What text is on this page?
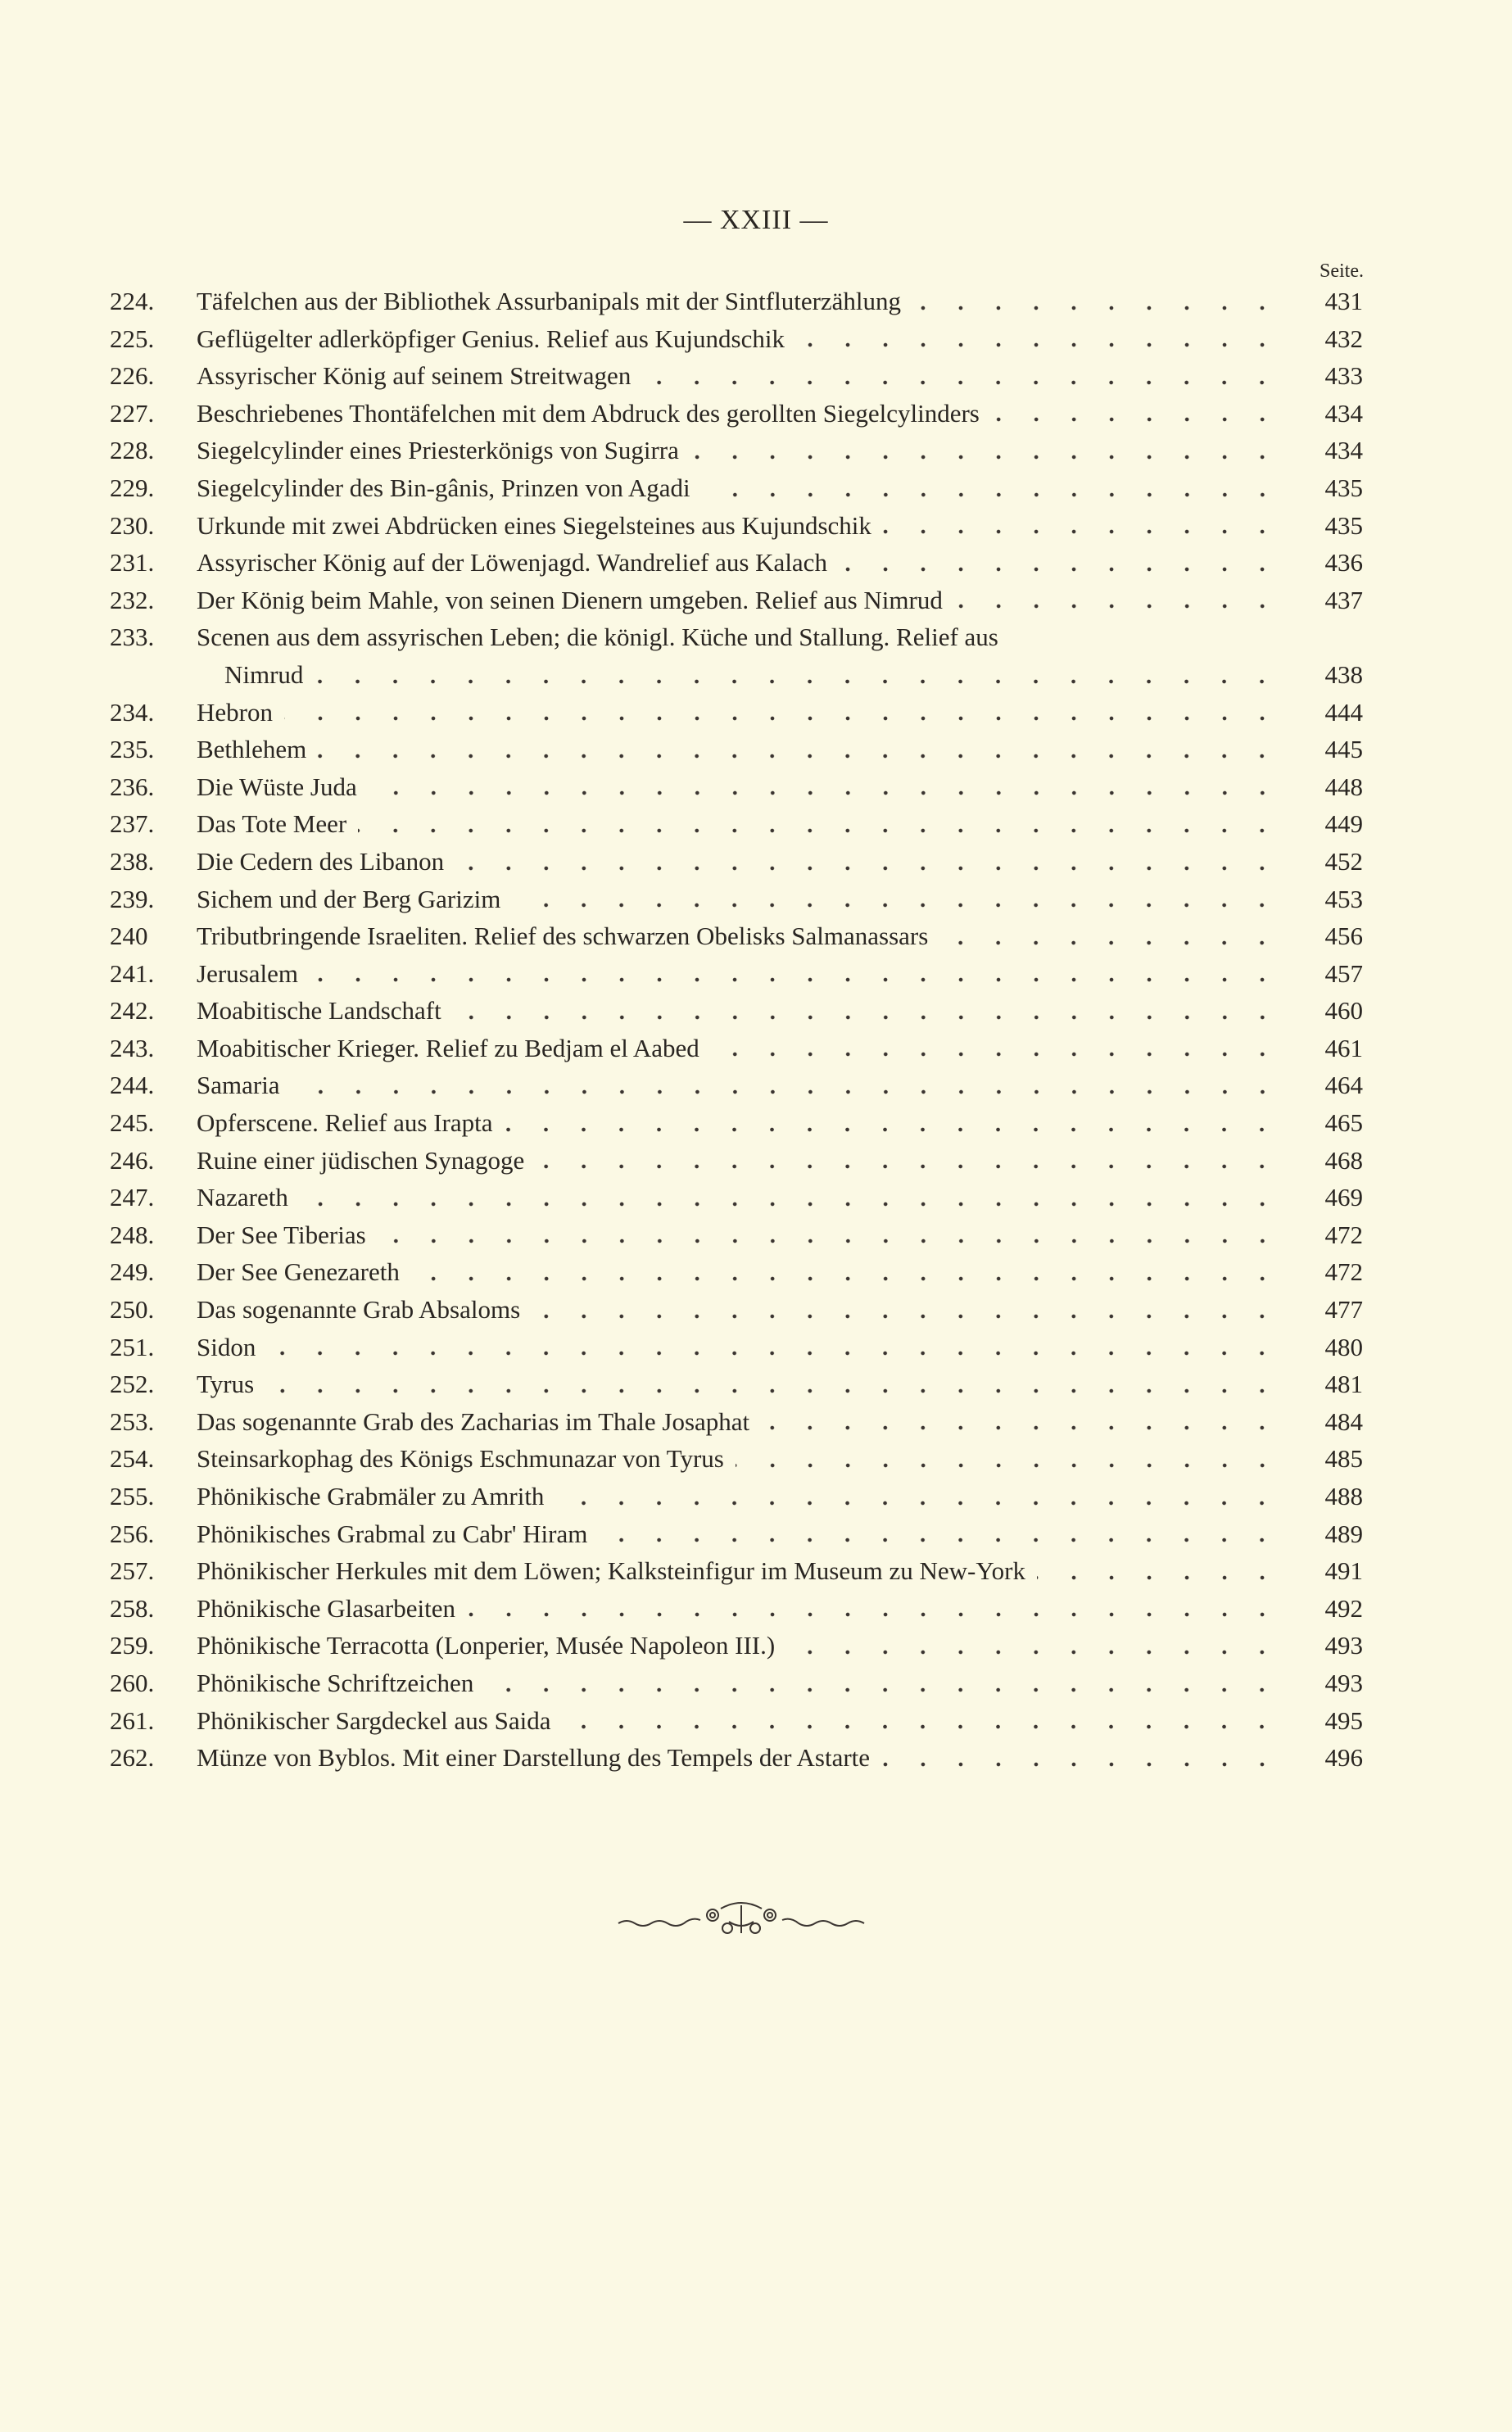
— XXIII —
Seite.
224.	Täfelchen aus der Bibliothek Assurbanipals mit der Sintfluterzählung	431
225.	Geflügelter adlerköpfiger Genius. Relief aus Kujundschik	432
226.	Assyrischer König auf seinem Streitwagen	433
227.	Beschriebenes Thontäfelchen mit dem Abdruck des gerollten Siegelcylinders	434
228.	Siegelcylinder eines Priesterkönigs von Sugirra	434
229.	Siegelcylinder des Bin-gânis, Prinzen von Agadi	435
230.	Urkunde mit zwei Abdrücken eines Siegelsteines aus Kujundschik	435
231.	Assyrischer König auf der Löwenjagd. Wandrelief aus Kalach	436
232.	Der König beim Mahle, von seinen Dienern umgeben. Relief aus Nimrud	437
233.	Scenen aus dem assyrischen Leben; die königl. Küche und Stallung. Relief aus
Nimrud	438
234.	Hebron	444
235.	Bethlehem	445
236.	Die Wüste Juda	448
237.	Das Tote Meer	449
238.	Die Cedern des Libanon	452
239.	Sichem und der Berg Garizim	453
240	Tributbringende Israeliten. Relief des schwarzen Obelisks Salmanassars	456
241.	Jerusalem	457
242.	Moabitische Landschaft	460
243.	Moabitischer Krieger. Relief zu Bedjam el Aabed	461
244.	Samaria	464
245.	Opferscene. Relief aus Irapta	465
246.	Ruine einer jüdischen Synagoge	468
247.	Nazareth	469
248.	Der See Tiberias	472
249.	Der See Genezareth	472
250.	Das sogenannte Grab Absaloms	477
251.	Sidon	480
252.	Tyrus	481
253.	Das sogenannte Grab des Zacharias im Thale Josaphat	484
254.	Steinsarkophag des Königs Eschmunazar von Tyrus	485
255.	Phönikische Grabmäler zu Amrith	488
256.	Phönikisches Grabmal zu Cabr' Hiram	489
257.	Phönikischer Herkules mit dem Löwen; Kalksteinfigur im Museum zu New-York	491
258.	Phönikische Glasarbeiten	492
259.	Phönikische Terracotta (Lonperier, Musée Napoleon III.)	493
260.	Phönikische Schriftzeichen	493
261.	Phönikischer Sargdeckel aus Saida	495
262.	Münze von Byblos. Mit einer Darstellung des Tempels der Astarte	496
